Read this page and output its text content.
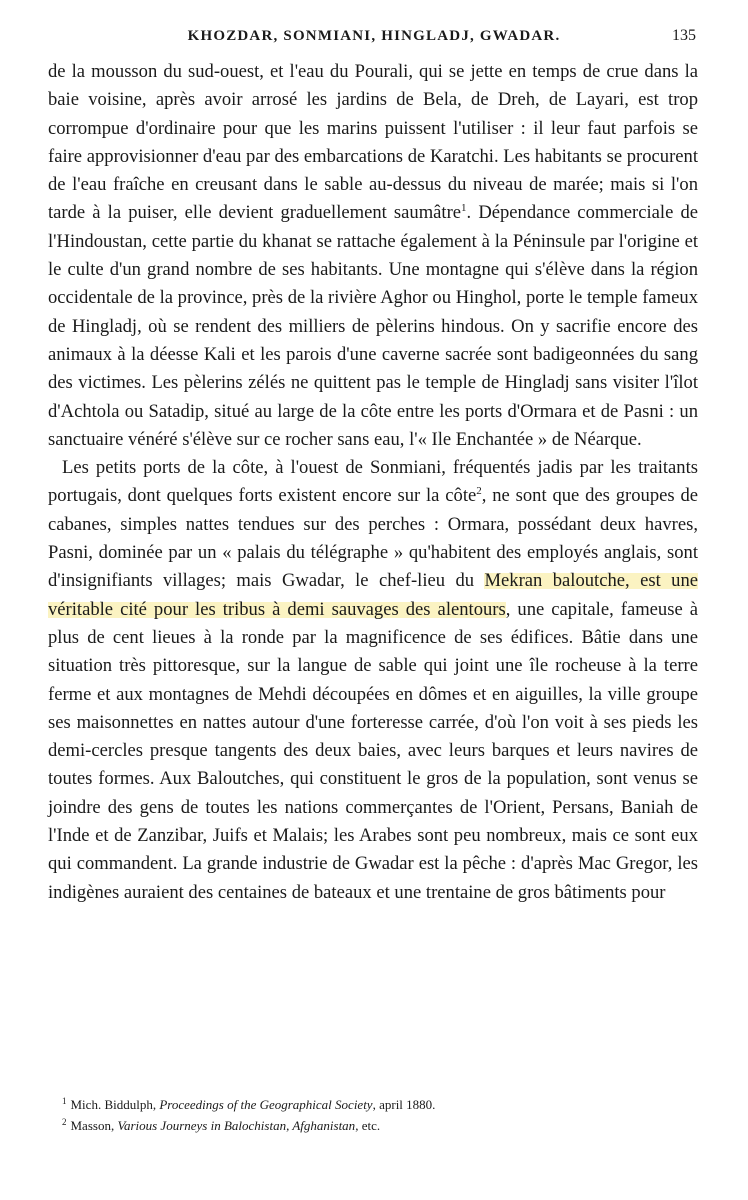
KHOZDAR, SONMIANI, HINGLADJ, GWADAR.	135

de la mousson du sud-ouest, et l'eau du Pourali, qui se jette en temps de crue dans la baie voisine, après avoir arrosé les jardins de Bela, de Dreh, de Layari, est trop corrompue d'ordinaire pour que les marins puissent l'utiliser : il leur faut parfois se faire approvisionner d'eau par des embarcations de Karatchi. Les habitants se procurent de l'eau fraîche en creusant dans le sable au-dessus du niveau de marée; mais si l'on tarde à la puiser, elle devient graduellement saumâtre$^1$. Dépendance commerciale de l'Hindoustan, cette partie du khanat se rattache également à la Péninsule par l'origine et le culte d'un grand nombre de ses habitants. Une montagne qui s'élève dans la région occidentale de la province, près de la rivière Aghor ou Hinghol, porte le temple fameux de Hingladj, où se rendent des milliers de pèlerins hindous. On y sacrifie encore des animaux à la déesse Kali et les parois d'une caverne sacrée sont badigeonnées du sang des victimes. Les pèlerins zélés ne quittent pas le temple de Hingladj sans visiter l'îlot d'Achtola ou Satadip, situé au large de la côte entre les ports d'Ormara et de Pasni : un sanctuaire vénéré s'élève sur ce rocher sans eau, l'« Ile Enchantée » de Néarque.

Les petits ports de la côte, à l'ouest de Sonmiani, fréquentés jadis par les traitants portugais, dont quelques forts existent encore sur la côte$^2$, ne sont que des groupes de cabanes, simples nattes tendues sur des perches : Ormara, possédant deux havres, Pasni, dominée par un « palais du télégraphe » qu'habitent des employés anglais, sont d'insignifiants villages; mais Gwadar, le chef-lieu du Mekran baloutche, est une véritable cité pour les tribus à demi sauvages des alentours, une capitale, fameuse à plus de cent lieues à la ronde par la magnificence de ses édifices. Bâtie dans une situation très pittoresque, sur la langue de sable qui joint une île rocheuse à la terre ferme et aux montagnes de Mehdi découpées en dômes et en aiguilles, la ville groupe ses maisonnettes en nattes autour d'une forteresse carrée, d'où l'on voit à ses pieds les demi-cercles presque tangents des deux baies, avec leurs barques et leurs navires de toutes formes. Aux Baloutches, qui constituent le gros de la population, sont venus se joindre des gens de toutes les nations commerçantes de l'Orient, Persans, Baniah de l'Inde et de Zanzibar, Juifs et Malais; les Arabes sont peu nombreux, mais ce sont eux qui commandent. La grande industrie de Gwadar est la pêche : d'après Mac Gregor, les indigènes auraient des centaines de bateaux et une trentaine de gros bâtiments pour

$^1$ Mich. Biddulph, Proceedings of the Geographical Society, april 1880.

$^2$ Masson, Various Journeys in Balochistan, Afghanistan, etc.
